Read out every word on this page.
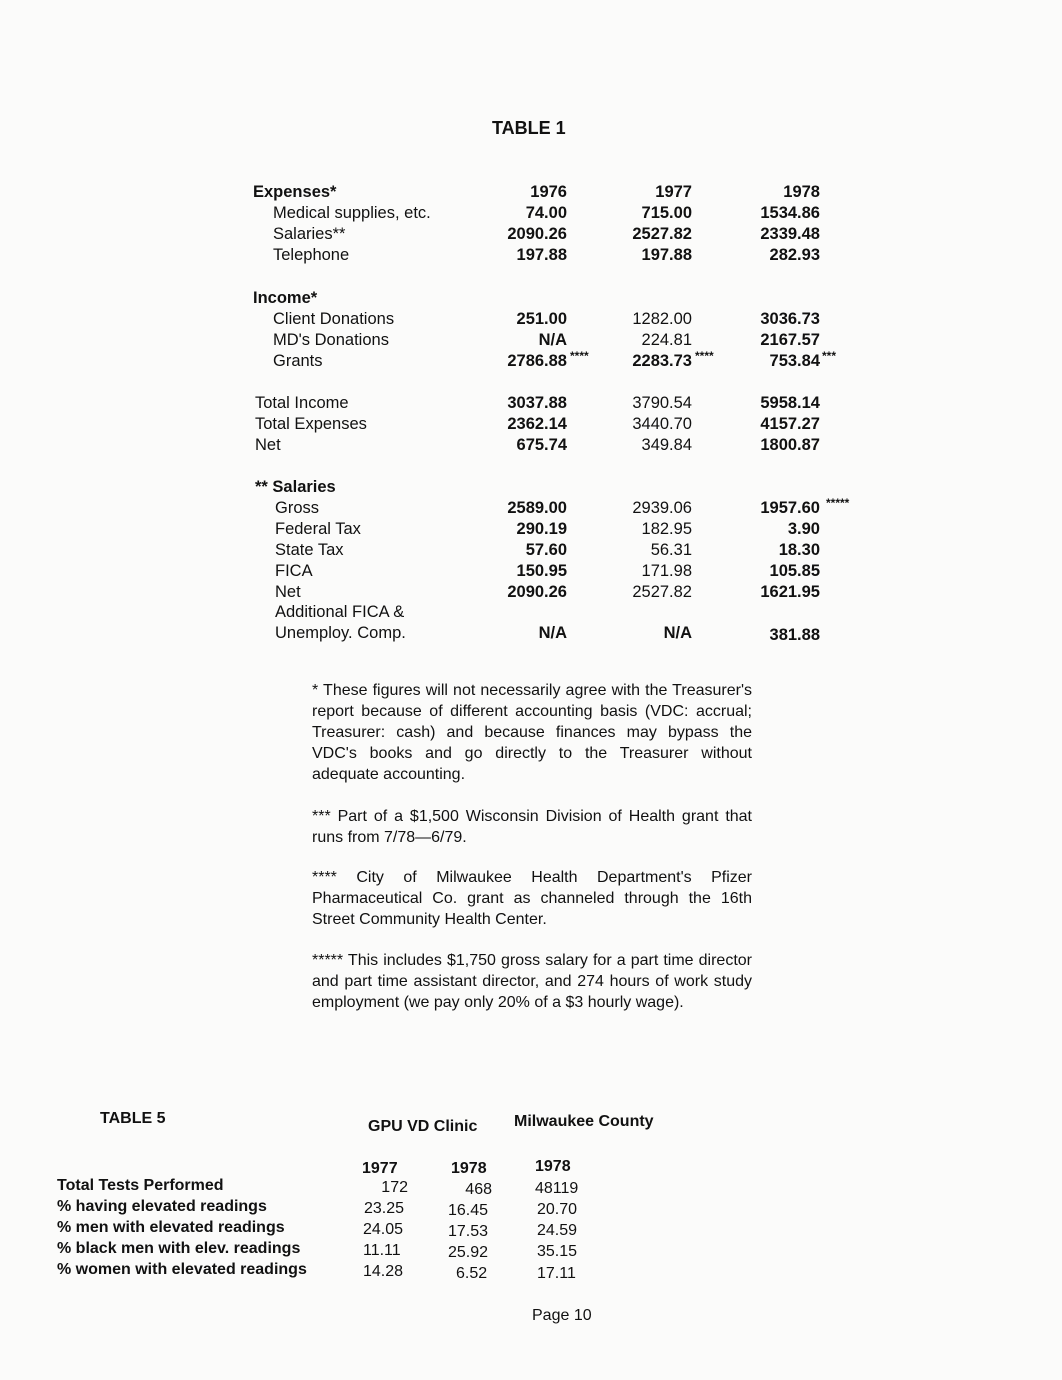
TABLE 1
Expenses*	1976	1977	1978
Medical supplies, etc.	74.00	715.00	1534.86
Salaries**	2090.26	2527.82	2339.48
Telephone	197.88	197.88	282.93
Income*
Client Donations	251.00	1282.00	3036.73
MD's Donations	N/A	224.81	2167.57
Grants	2786.88 ****	2283.73 ****	753.84 ***
Total Income	3037.88	3790.54	5958.14
Total Expenses	2362.14	3440.70	4157.27
Net	675.74	349.84	1800.87
** Salaries
Gross	2589.00	2939.06	1957.60 *****
Federal Tax	290.19	182.95	3.90
State Tax	57.60	56.31	18.30
FICA	150.95	171.98	105.85
Net	2090.26	2527.82	1621.95
Additional FICA &
Unemploy. Comp.	N/A	N/A	381.88
* These figures will not necessarily agree with the Treasurer's report because of different accounting basis (VDC: accrual; Treasurer: cash) and because finances may bypass the VDC's books and go directly to the Treasurer without adequate accounting.
*** Part of a $1,500 Wisconsin Division of Health grant that runs from 7/78—6/79.
**** City of Milwaukee Health Department's Pfizer Pharmaceutical Co. grant as channeled through the 16th Street Community Health Center.
***** This includes $1,750 gross salary for a part time director and part time assistant director, and 274 hours of work study employment (we pay only 20% of a $3 hourly wage).
TABLE 5	GPU VD Clinic Milwaukee County
1977	1978	1978
Total Tests Performed	172	468	48119
% having elevated readings	23.25	16.45	20.70
% men with elevated readings	24.05	17.53	24.59
% black men with elev. readings	11.11	25.92	35.15
% women with elevated readings	14.28	6.52	17.11
Page 10
